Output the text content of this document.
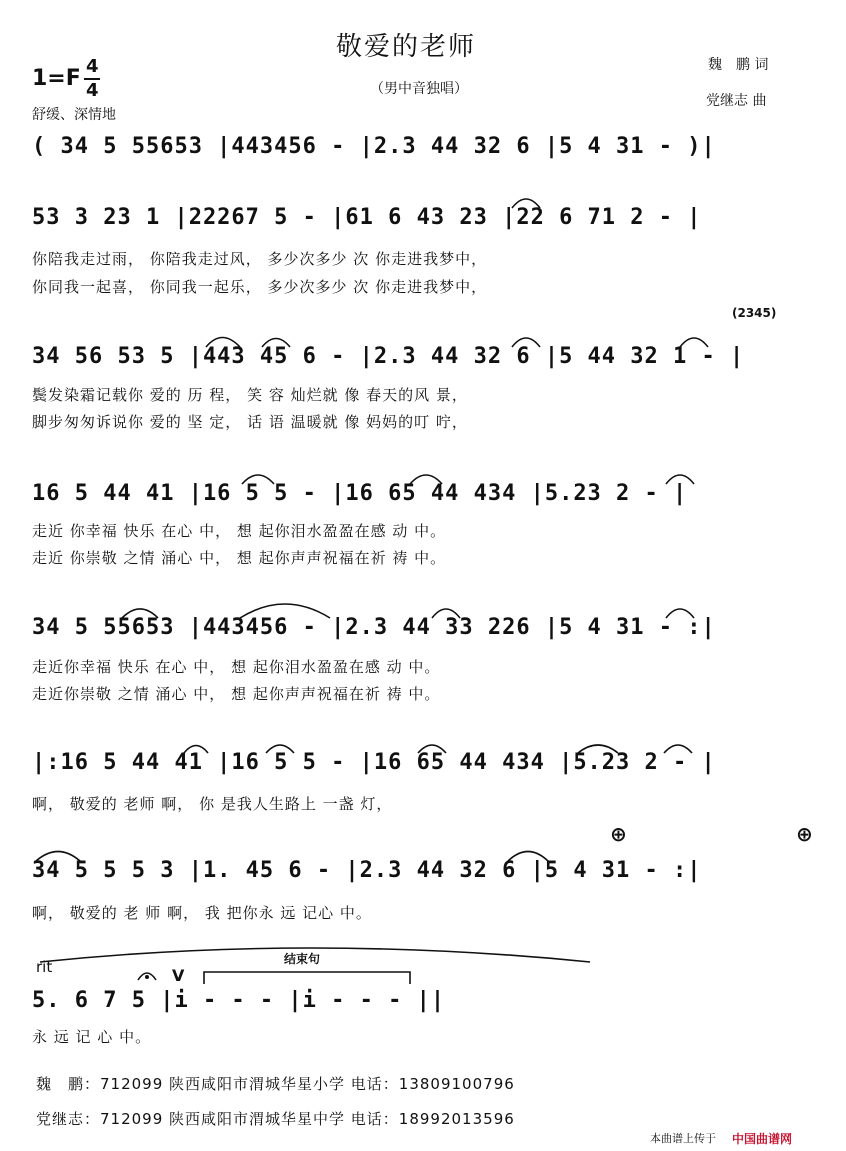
敬爱的老师
（男中音独唱）
魏　鹏 词
党继志 曲
1=F 4
4
舒缓、深情地
( 34 5 55653 |443456 - |2.3 44 32 6 |5 4 31 - )|
53 3 23 1 |22267 5 - |61 6 43 23 |22 6 71 2 - |
你陪我走过雨， 你陪我走过风， 多少次多少 次 你走进我梦中，
你同我一起喜， 你同我一起乐， 多少次多少 次 你走进我梦中，
(2345)
34 56 53 5 |443 45 6 - |2.3 44 32 6 |5 44 32 1 - |
鬓发染霜记载你 爱的 历 程， 笑 容 灿烂就 像 春天的风 景，
脚步匆匆诉说你 爱的 坚 定， 话 语 温暖就 像 妈妈的叮 咛，
16 5 44 41 |16 5 5 - |16 65 44 434 |5.23 2 - |
走近 你幸福 快乐 在心 中， 想 起你泪水盈盈在感 动 中。
走近 你崇敬 之情 涌心 中， 想 起你声声祝福在祈 祷 中。
34 5 55653 |443456 - |2.3 44 33 226 |5 4 31 - :|
走近你幸福 快乐 在心 中， 想 起你泪水盈盈在感 动 中。
走近你崇敬 之情 涌心 中， 想 起你声声祝福在祈 祷 中。
|:16 5 44 41 |16 5 5 - |16 65 44 434 |5.23 2 - |
啊， 敬爱的 老师 啊， 你 是我人生路上 一盏 灯，
⊕	⊕
34 5 5 5 3 |1. 45 6 - |2.3 44 32 6 |5 4 31 - :|
啊， 敬爱的 老 师 啊， 我 把你永 远 记心 中。
rit	结束句
V
5. 6 7 5 |i - - - |i - - - ||
永 远 记 心 中。
魏　鹏：712099 陕西咸阳市渭城华星小学 电话：13809100796
党继志：712099 陕西咸阳市渭城华星中学 电话：18992013596
本曲谱上传于 中国曲谱网
